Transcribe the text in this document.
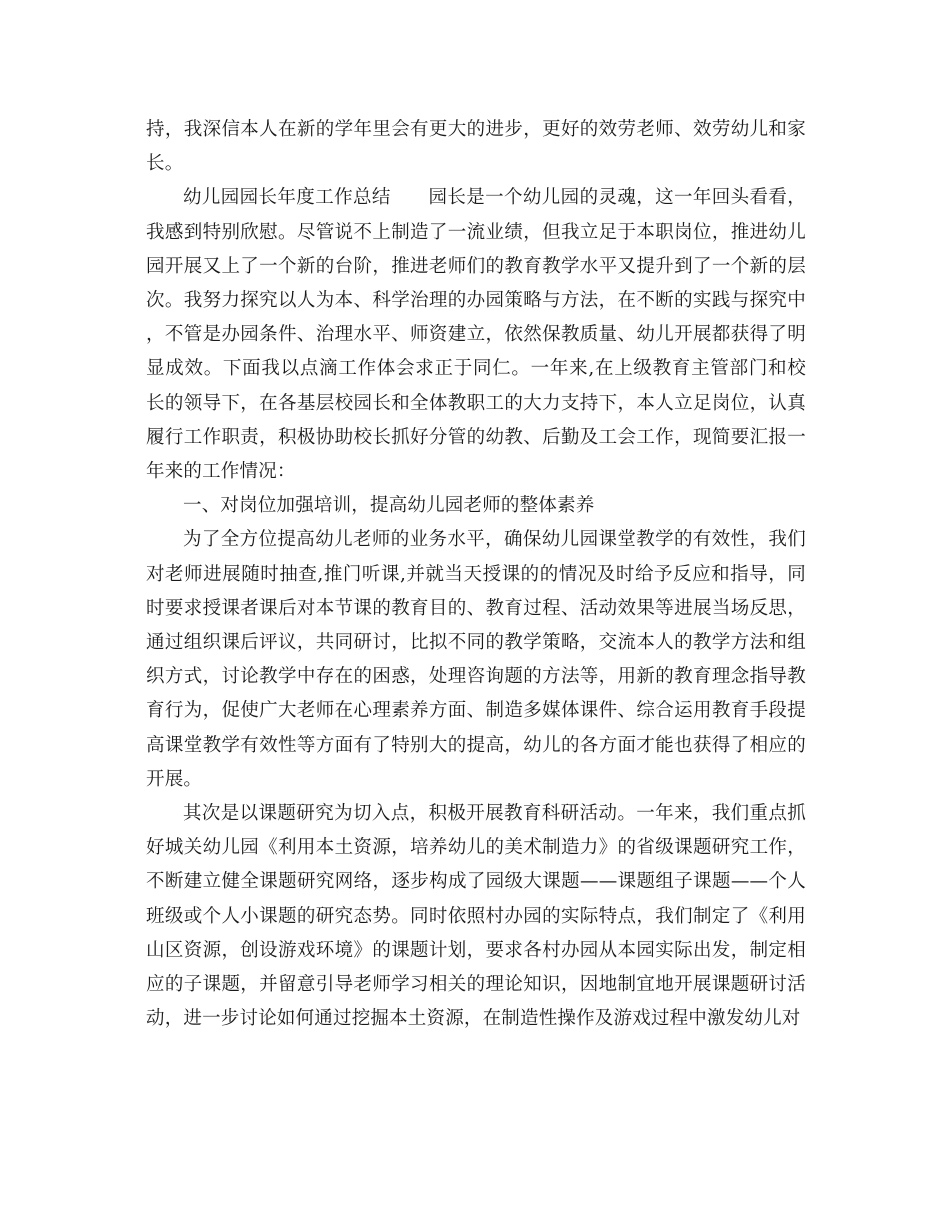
持，我深信本人在新的学年里会有更大的进步，更好的效劳老师、效劳幼儿和家长。

幼儿园园长年度工作总结　　园长是一个幼儿园的灵魂，这一年回头看看，我感到特别欣慰。尽管说不上制造了一流业绩，但我立足于本职岗位，推进幼儿园开展又上了一个新的台阶，推进老师们的教育教学水平又提升到了一个新的层次。我努力探究以人为本、科学治理的办园策略与方法，在不断的实践与探究中，不管是办园条件、治理水平、师资建立，依然保教质量、幼儿开展都获得了明显成效。下面我以点滴工作体会求正于同仁。一年来,在上级教育主管部门和校长的领导下，在各基层校园长和全体教职工的大力支持下，本人立足岗位，认真履行工作职责，积极协助校长抓好分管的幼教、后勤及工会工作，现简要汇报一年来的工作情况：

一、对岗位加强培训，提高幼儿园老师的整体素养

为了全方位提高幼儿老师的业务水平，确保幼儿园课堂教学的有效性，我们对老师进展随时抽查,推门听课,并就当天授课的的情况及时给予反应和指导，同时要求授课者课后对本节课的教育目的、教育过程、活动效果等进展当场反思，通过组织课后评议，共同研讨，比拟不同的教学策略，交流本人的教学方法和组织方式，讨论教学中存在的困惑，处理咨询题的方法等，用新的教育理念指导教育行为，促使广大老师在心理素养方面、制造多媒体课件、综合运用教育手段提高课堂教学有效性等方面有了特别大的提高，幼儿的各方面才能也获得了相应的开展。

其次是以课题研究为切入点，积极开展教育科研活动。一年来，我们重点抓好城关幼儿园《利用本土资源，培养幼儿的美术制造力》的省级课题研究工作，不断建立健全课题研究网络，逐步构成了园级大课题——课题组子课题——个人班级或个人小课题的研究态势。同时依照村办园的实际特点，我们制定了《利用山区资源，创设游戏环境》的课题计划，要求各村办园从本园实际出发，制定相应的子课题，并留意引导老师学习相关的理论知识，因地制宜地开展课题研讨活动，进一步讨论如何通过挖掘本土资源，在制造性操作及游戏过程中激发幼儿对
